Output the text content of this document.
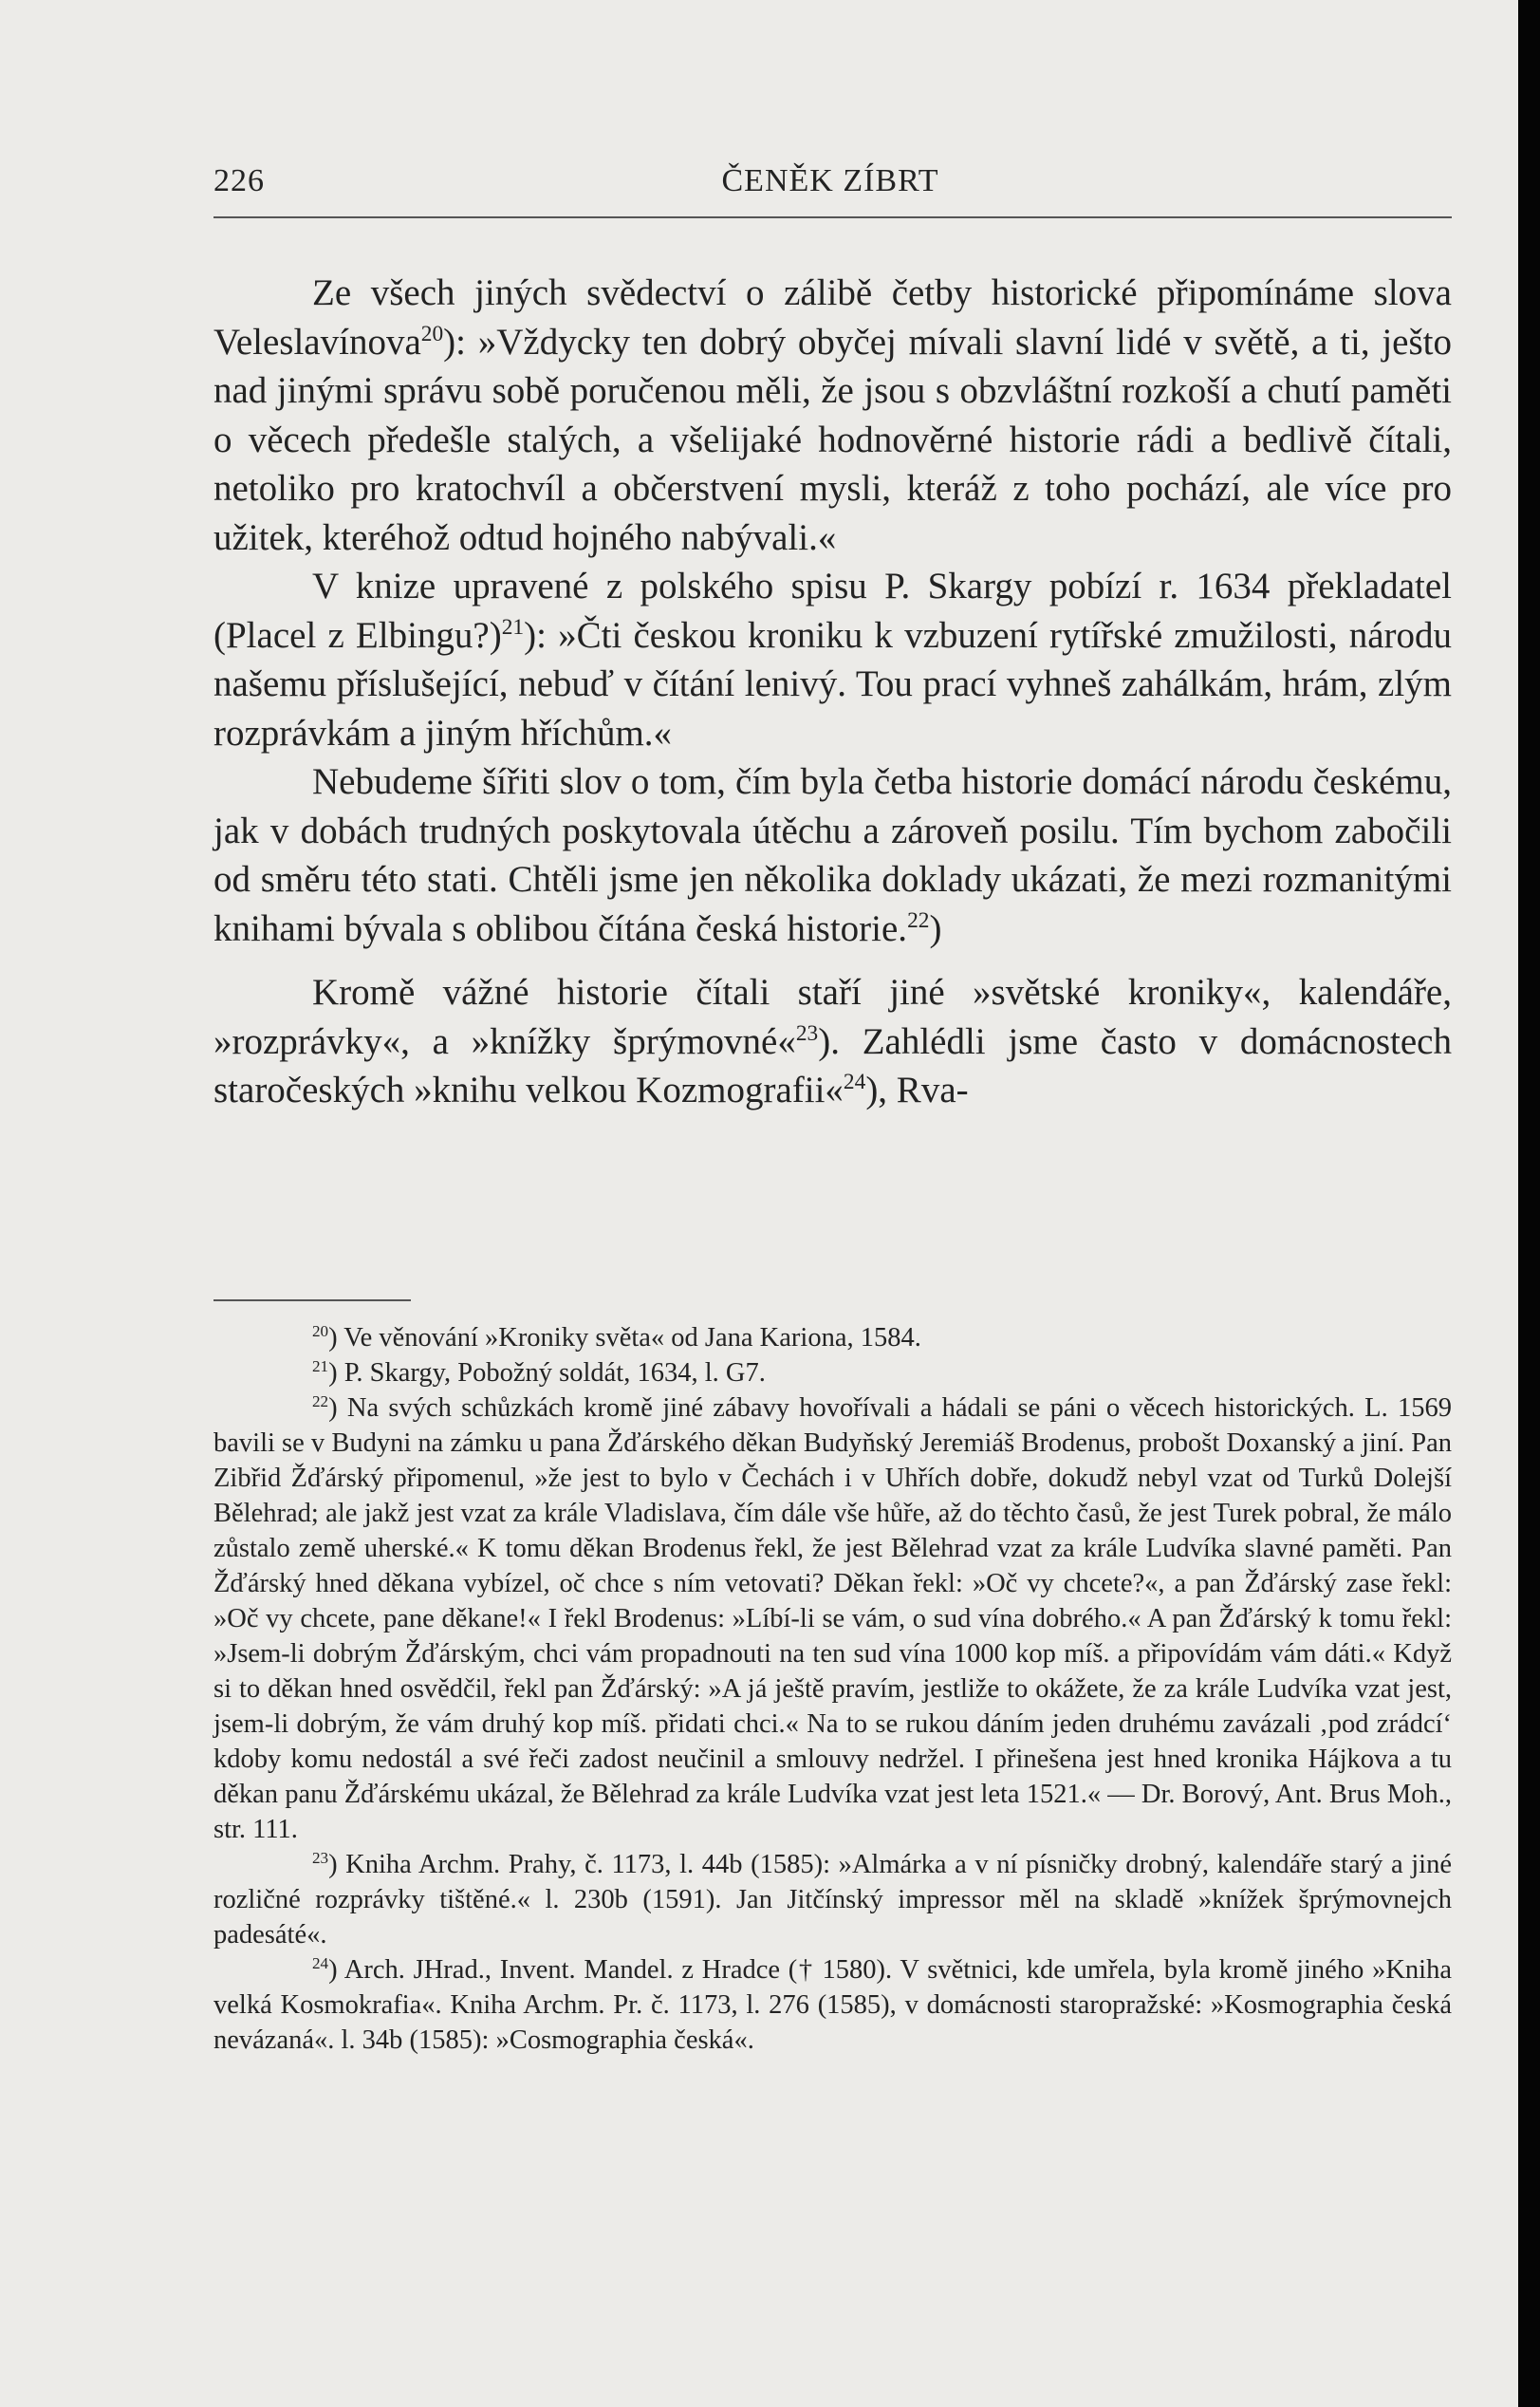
226	ČENĚK ZÍBRT

Ze všech jiných svědectví o zálibě četby historické připomínáme slova Veleslavínova$^{20}$): »Vždycky ten dobrý obyčej mívali slavní lidé v světě, a ti, ješto nad jinými správu sobě poručenou měli, že jsou s obzvláštní rozkoší a chutí paměti o věcech předešle stalých, a všelijaké hodnověrné historie rádi a bedlivě čítali, netoliko pro kratochvíl a občerstvení mysli, kteráž z toho pochází, ale více pro užitek, kteréhož odtud hojného nabývali.«

V knize upravené z polského spisu P. Skargy pobízí r. 1634 překladatel (Placel z Elbingu?)$^{21}$): »Čti českou kroniku k vzbuzení rytířské zmužilosti, národu našemu příslušející, nebuď v čítání lenivý. Tou prací vyhneš zahálkám, hrám, zlým rozprávkám a jiným hříchům.«

Nebudeme šířiti slov o tom, čím byla četba historie domácí národu českému, jak v dobách trudných poskytovala útěchu a zároveň posilu. Tím bychom zabočili od směru této stati. Chtěli jsme jen několika doklady ukázati, že mezi rozmanitými knihami bývala s oblibou čítána česká historie.$^{22}$)

Kromě vážné historie čítali staří jiné »světské kroniky«, kalendáře, »rozprávky«, a »knížky šprýmovné«$^{23}$). Zahlédli jsme často v domácnostech staročeských »knihu velkou Kozmografii«$^{24}$), Rva-

$^{20}$) Ve věnování »Kroniky světa« od Jana Kariona, 1584.

$^{21}$) P. Skargy, Pobožný soldát, 1634, l. G7.

$^{22}$) Na svých schůzkách kromě jiné zábavy hovořívali a hádali se páni o věcech historických. L. 1569 bavili se v Budyni na zámku u pana Žďárského děkan Budyňský Jeremiáš Brodenus, probošt Doxanský a jiní. Pan Zibřid Žďárský připomenul, »že jest to bylo v Čechách i v Uhřích dobře, dokudž nebyl vzat od Turků Dolejší Bělehrad; ale jakž jest vzat za krále Vladislava, čím dále vše hůře, až do těchto časů, že jest Turek pobral, že málo zůstalo země uherské.« K tomu děkan Brodenus řekl, že jest Bělehrad vzat za krále Ludvíka slavné paměti. Pan Žďárský hned děkana vybízel, oč chce s ním vetovati? Děkan řekl: »Oč vy chcete?«, a pan Žďárský zase řekl: »Oč vy chcete, pane děkane!« I řekl Brodenus: »Líbí-li se vám, o sud vína dobrého.« A pan Žďárský k tomu řekl: »Jsem-li dobrým Žďárským, chci vám propadnouti na ten sud vína 1000 kop míš. a připovídám vám dáti.« Když si to děkan hned osvědčil, řekl pan Žďárský: »A já ještě pravím, jestliže to okážete, že za krále Ludvíka vzat jest, jsem-li dobrým, že vám druhý kop míš. přidati chci.« Na to se rukou dáním jeden druhému zavázali ‚pod zrádcí‘ kdoby komu nedostál a své řeči zadost neučinil a smlouvy nedržel. I přinešena jest hned kronika Hájkova a tu děkan panu Žďárskému ukázal, že Bělehrad za krále Ludvíka vzat jest leta 1521.« — Dr. Borový, Ant. Brus Moh., str. 111.

$^{23}$) Kniha Archm. Prahy, č. 1173, l. 44b (1585): »Almárka a v ní písničky drobný, kalendáře starý a jiné rozličné rozprávky tištěné.« l. 230b (1591). Jan Jitčínský impressor měl na skladě »knížek šprýmovnejch padesáté«.

$^{24}$) Arch. JHrad., Invent. Mandel. z Hradce († 1580). V světnici, kde umřela, byla kromě jiného »Kniha velká Kosmokrafia«. Kniha Archm. Pr. č. 1173, l. 276 (1585), v domácnosti staropražské: »Kosmographia česká nevázaná«. l. 34b (1585): »Cosmographia česká«.
